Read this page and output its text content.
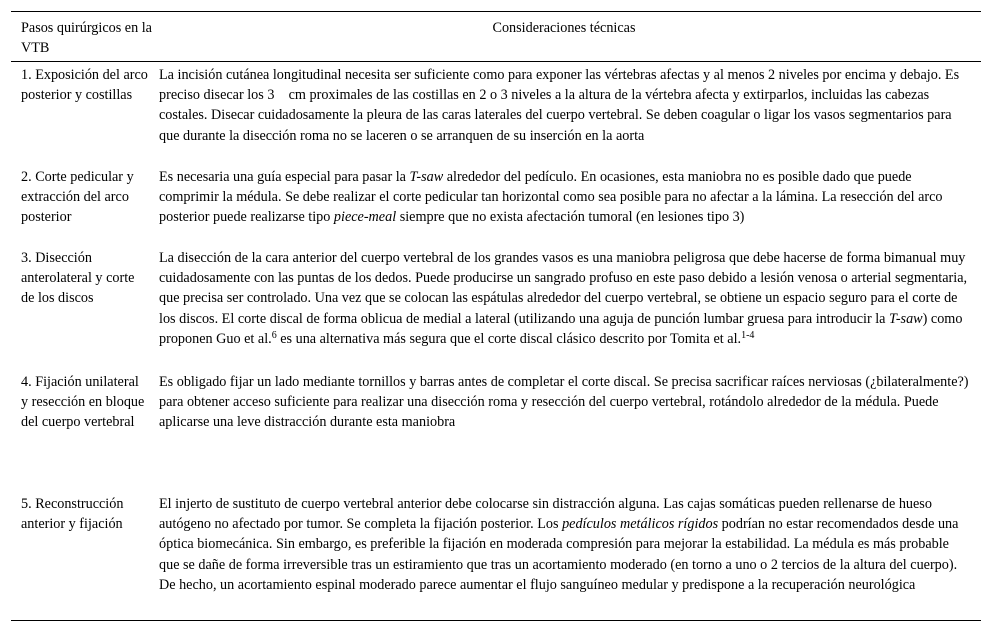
Pasos quirúrgicos en la VTB
Consideraciones técnicas
1. Exposición del arco posterior y costillas
La incisión cutánea longitudinal necesita ser suficiente como para exponer las vértebras afectas y al menos 2 niveles por encima y debajo. Es preciso disecar los 3 cm proximales de las costillas en 2 o 3 niveles a la altura de la vértebra afecta y extirparlos, incluidas las cabezas costales. Disecar cuidadosamente la pleura de las caras laterales del cuerpo vertebral. Se deben coagular o ligar los vasos segmentarios para que durante la disección roma no se laceren o se arranquen de su inserción en la aorta
2. Corte pedicular y extracción del arco posterior
Es necesaria una guía especial para pasar la T-saw alrededor del pedículo. En ocasiones, esta maniobra no es posible dado que puede comprimir la médula. Se debe realizar el corte pedicular tan horizontal como sea posible para no afectar a la lámina. La resección del arco posterior puede realizarse tipo piece-meal siempre que no exista afectación tumoral (en lesiones tipo 3)
3. Disección anterolateral y corte de los discos
La disección de la cara anterior del cuerpo vertebral de los grandes vasos es una maniobra peligrosa que debe hacerse de forma bimanual muy cuidadosamente con las puntas de los dedos. Puede producirse un sangrado profuso en este paso debido a lesión venosa o arterial segmentaria, que precisa ser controlado. Una vez que se colocan las espátulas alrededor del cuerpo vertebral, se obtiene un espacio seguro para el corte de los discos. El corte discal de forma oblicua de medial a lateral (utilizando una aguja de punción lumbar gruesa para introducir la T-saw) como proponen Guo et al.$^6$ es una alternativa más segura que el corte discal clásico descrito por Tomita et al.$^{1-4}$
4. Fijación unilateral y resección en bloque del cuerpo vertebral
Es obligado fijar un lado mediante tornillos y barras antes de completar el corte discal. Se precisa sacrificar raíces nerviosas (¿bilateralmente?) para obtener acceso suficiente para realizar una disección roma y resección del cuerpo vertebral, rotándolo alrededor de la médula. Puede aplicarse una leve distracción durante esta maniobra
5. Reconstrucción anterior y fijación
El injerto de sustituto de cuerpo vertebral anterior debe colocarse sin distracción alguna. Las cajas somáticas pueden rellenarse de hueso autógeno no afectado por tumor. Se completa la fijación posterior. Los pedículos metálicos rígidos podrían no estar recomendados desde una óptica biomecánica. Sin embargo, es preferible la fijación en moderada compresión para mejorar la estabilidad. La médula es más probable que se dañe de forma irreversible tras un estiramiento que tras un acortamiento moderado (en torno a uno o 2 tercios de la altura del cuerpo). De hecho, un acortamiento espinal moderado parece aumentar el flujo sanguíneo medular y predispone a la recuperación neurológica
